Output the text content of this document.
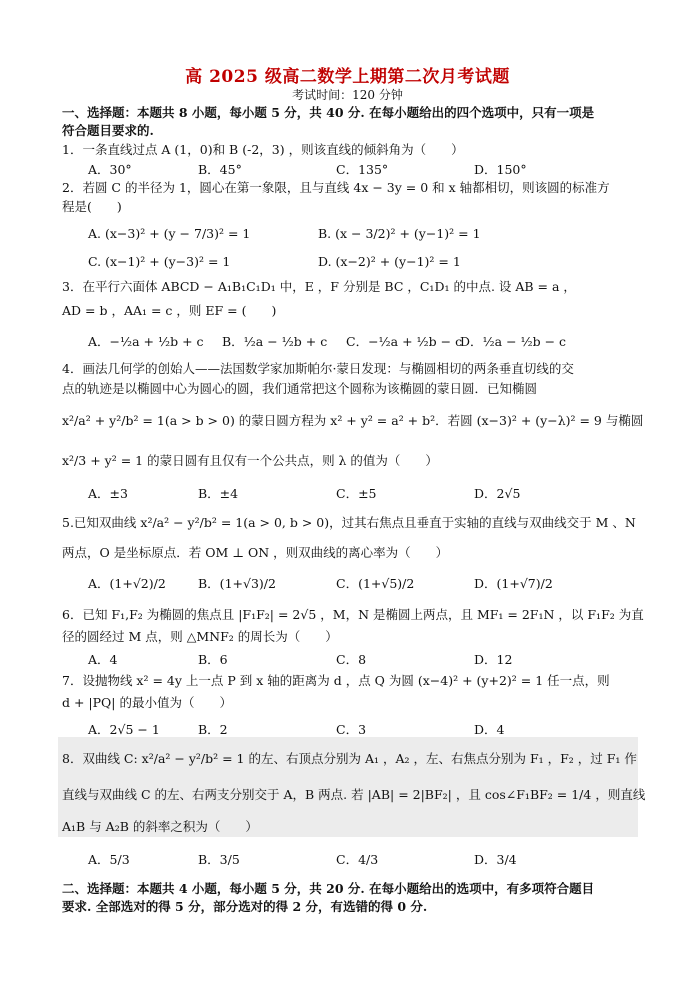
高 2025 级高二数学上期第二次月考试题
考试时间：120 分钟
一、选择题：本题共 8 小题，每小题 5 分，共 40 分. 在每小题给出的四个选项中，只有一项是
符合题目要求的.
1．一条直线过点 A (1，0)和 B (-2，3) ，则该直线的倾斜角为（　　）
A．30°	B．45°	C．135°	D．150°
2．若圆 C 的半径为 1，圆心在第一象限，且与直线 4x − 3y = 0 和 x 轴都相切，则该圆的标准方
程是(　　)
A. (x−3)² + (y − 7/3)² = 1	B. (x − 3/2)² + (y−1)² = 1
C. (x−1)² + (y−3)² = 1	D. (x−2)² + (y−1)² = 1
3．在平行六面体 ABCD − A₁B₁C₁D₁ 中，E ，F 分别是 BC ，C₁D₁ 的中点. 设 AB = a ，
AD = b ，AA₁ = c ，则 EF = (　　)
A．−½a + ½b + c B．½a − ½b + c C．−½a + ½b − c
D．½a − ½b − c
4．画法几何学的创始人——法国数学家加斯帕尔·蒙日发现：与椭圆相切的两条垂直切线的交
点的轨迹是以椭圆中心为圆心的圆，我们通常把这个圆称为该椭圆的蒙日圆．已知椭圆
x²/a² + y²/b² = 1(a > b > 0) 的蒙日圆方程为 x² + y² = a² + b²．若圆 (x−3)² + (y−λ)² = 9 与椭圆
x²/3 + y² = 1 的蒙日圆有且仅有一个公共点，则 λ 的值为（　　）
A．±3	B．±4	C．±5	D．2√5
5.已知双曲线 x²/a² − y²/b² = 1(a > 0, b > 0)，过其右焦点且垂直于实轴的直线与双曲线交于 M 、N
两点，O 是坐标原点．若 OM ⊥ ON ，则双曲线的离心率为（　　）
A．(1+√2)/2	B．(1+√3)/2	C．(1+√5)/2	D．(1+√7)/2
6．已知 F₁,F₂ 为椭圆的焦点且 |F₁F₂| = 2√5 ，M，N 是椭圆上两点，且 MF₁ = 2F₁N ，以 F₁F₂ 为直
径的圆经过 M 点，则 △MNF₂ 的周长为（　　）
A．4	B．6	C．8	D．12
7．设抛物线 x² = 4y 上一点 P 到 x 轴的距离为 d ，点 Q 为圆 (x−4)² + (y+2)² = 1 任一点，则
d + |PQ| 的最小值为（　　）
A．2√5 − 1	B．2	C．3	D．4
8．双曲线 C: x²/a² − y²/b² = 1 的左、右顶点分别为 A₁ ，A₂ ，左、右焦点分别为 F₁ ，F₂ ，过 F₁ 作
直线与双曲线 C 的左、右两支分别交于 A，B 两点. 若 |AB| = 2|BF₂| ，且 cos∠F₁BF₂ = 1/4 ，则直线
A₁B 与 A₂B 的斜率之积为（　　）
A．5/3	B．3/5	C．4/3	D．3/4
二、选择题：本题共 4 小题，每小题 5 分，共 20 分. 在每小题给出的选项中，有多项符合题目
要求. 全部选对的得 5 分，部分选对的得 2 分，有选错的得 0 分.
